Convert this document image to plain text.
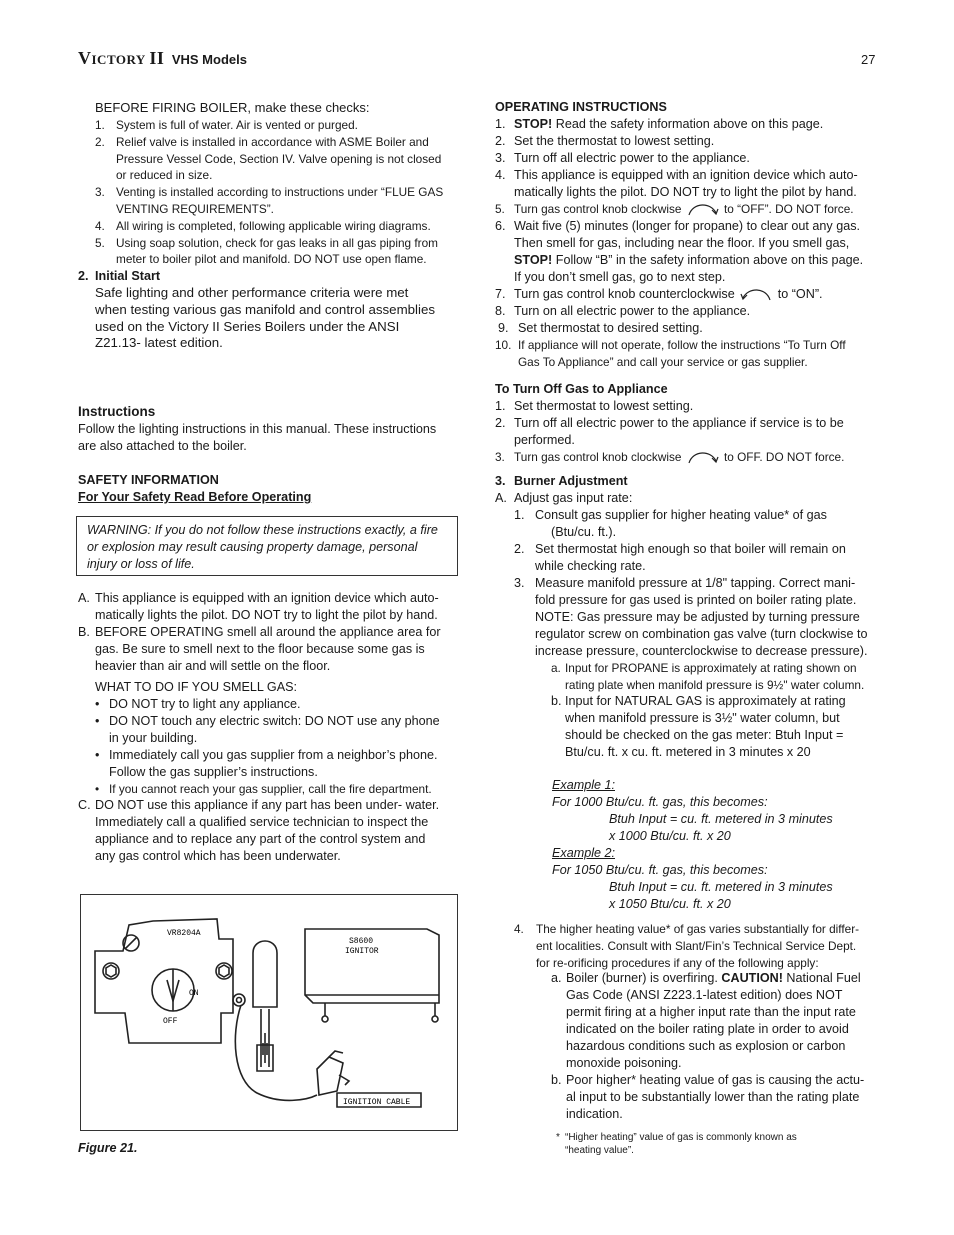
VICTORY II VHS Models	27
BEFORE FIRING BOILER, make these checks:
1. System is full of water. Air is vented or purged.
2. Relief valve is installed in accordance with ASME Boiler and
Pressure Vessel Code, Section IV. Valve opening is not closed
or reduced in size.
3. Venting is installed according to instructions under “FLUE GAS
VENTING REQUIREMENTS”.
4. All wiring is completed, following applicable wiring diagrams.
5. Using soap solution, check for gas leaks in all gas piping from
meter to boiler pilot and manifold. DO NOT use open flame.
2. Initial Start
Safe lighting and other performance criteria were met
when testing various gas manifold and control assemblies
used on the Victory II Series Boilers under the ANSI
Z21.13- latest edition.
Instructions
Follow the lighting instructions in this manual. These instructions
are also attached to the boiler.
SAFETY INFORMATION
For Your Safety Read Before Operating
WARNING: If you do not follow these instructions exactly, a fire
or explosion may result causing property damage, personal
injury or loss of life.
A. This appliance is equipped with an ignition device which auto-
matically lights the pilot. DO NOT try to light the pilot by hand.
B. BEFORE OPERATING smell all around the appliance area for
gas. Be sure to smell next to the floor because some gas is
heavier than air and will settle on the floor.
WHAT TO DO IF YOU SMELL GAS:
• DO NOT try to light any appliance.
• DO NOT touch any electric switch: DO NOT use any phone
in your building.
• Immediately call you gas supplier from a neighbor’s phone.
Follow the gas supplier’s instructions.
• If you cannot reach your gas supplier, call the fire department.
C. DO NOT use this appliance if any part has been under- water.
Immediately call a qualified service technician to inspect the
appliance and to replace any part of the control system and
any gas control which has been underwater.
VR8204A
ON
OFF
S8600
IGNITOR
IGNITION CABLE
Figure 21.
OPERATING INSTRUCTIONS
1. STOP! Read the safety information above on this page.
2. Set the thermostat to lowest setting.
3. Turn off all electric power to the appliance.
4. This appliance is equipped with an ignition device which auto-
matically lights the pilot. DO NOT try to light the pilot by hand.
5. Turn gas control knob clockwise	to “OFF”. DO NOT force.
6. Wait five (5) minutes (longer for propane) to clear out any gas.
Then smell for gas, including near the floor. If you smell gas,
STOP! Follow “B” in the safety information above on this page.
If you don’t smell gas, go to next step.
7. Turn gas control knob counterclockwise	to “ON”.
8. Turn on all electric power to the appliance.
9. Set thermostat to desired setting.
10. If appliance will not operate, follow the instructions “To Turn Off
Gas To Appliance” and call your service or gas supplier.
To Turn Off Gas to Appliance
1. Set thermostat to lowest setting.
2. Turn off all electric power to the appliance if service is to be
performed.
3. Turn gas control knob clockwise	to OFF. DO NOT force.
3. Burner Adjustment
A. Adjust gas input rate:
1. Consult gas supplier for higher heating value* of gas
(Btu/cu. ft.).
2. Set thermostat high enough so that boiler will remain on
while checking rate.
3. Measure manifold pressure at 1/8" tapping. Correct mani-
fold pressure for gas used is printed on boiler rating plate.
NOTE: Gas pressure may be adjusted by turning pressure
regulator screw on combination gas valve (turn clockwise to
increase pressure, counterclockwise to decrease pressure).
a. Input for PROPANE is approximately at rating shown on
rating plate when manifold pressure is 9½" water column.
b. Input for NATURAL GAS is approximately at rating
when manifold pressure is 3½" water column, but
should be checked on the gas meter: Btuh Input =
Btu/cu. ft. x cu. ft. metered in 3 minutes x 20
Example 1:
For 1000 Btu/cu. ft. gas, this becomes:
Btuh Input = cu. ft. metered in 3 minutes
x 1000 Btu/cu. ft. x 20
Example 2:
For 1050 Btu/cu. ft. gas, this becomes:
Btuh Input = cu. ft. metered in 3 minutes
x 1050 Btu/cu. ft. x 20
4. The higher heating value* of gas varies substantially for differ-
ent localities. Consult with Slant/Fin’s Technical Service Dept.
for re-orificing procedures if any of the following apply:
a. Boiler (burner) is overfiring. CAUTION! National Fuel
Gas Code (ANSI Z223.1-latest edition) does NOT
permit firing at a higher input rate than the input rate
indicated on the boiler rating plate in order to avoid
hazardous conditions such as explosion or carbon
monoxide poisoning.
b. Poor higher* heating value of gas is causing the actu-
al input to be substantially lower than the rating plate
indication.
* “Higher heating” value of gas is commonly known as
“heating value”.
